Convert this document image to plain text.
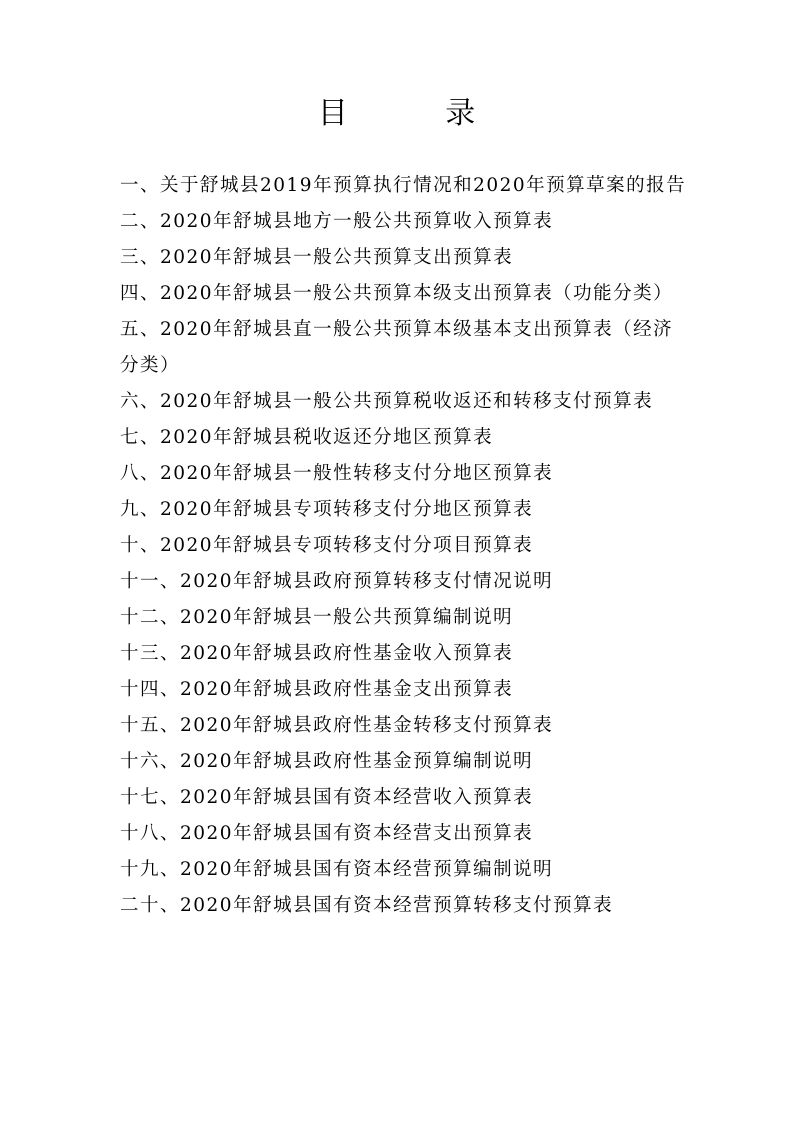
目 录
一、关于舒城县2019年预算执行情况和2020年预算草案的报告
二、2020年舒城县地方一般公共预算收入预算表
三、2020年舒城县一般公共预算支出预算表
四、2020年舒城县一般公共预算本级支出预算表（功能分类）
五、2020年舒城县直一般公共预算本级基本支出预算表（经济分类）
六、2020年舒城县一般公共预算税收返还和转移支付预算表
七、2020年舒城县税收返还分地区预算表
八、2020年舒城县一般性转移支付分地区预算表
九、2020年舒城县专项转移支付分地区预算表
十、2020年舒城县专项转移支付分项目预算表
十一、2020年舒城县政府预算转移支付情况说明
十二、2020年舒城县一般公共预算编制说明
十三、2020年舒城县政府性基金收入预算表
十四、2020年舒城县政府性基金支出预算表
十五、2020年舒城县政府性基金转移支付预算表
十六、2020年舒城县政府性基金预算编制说明
十七、2020年舒城县国有资本经营收入预算表
十八、2020年舒城县国有资本经营支出预算表
十九、2020年舒城县国有资本经营预算编制说明
二十、2020年舒城县国有资本经营预算转移支付预算表
